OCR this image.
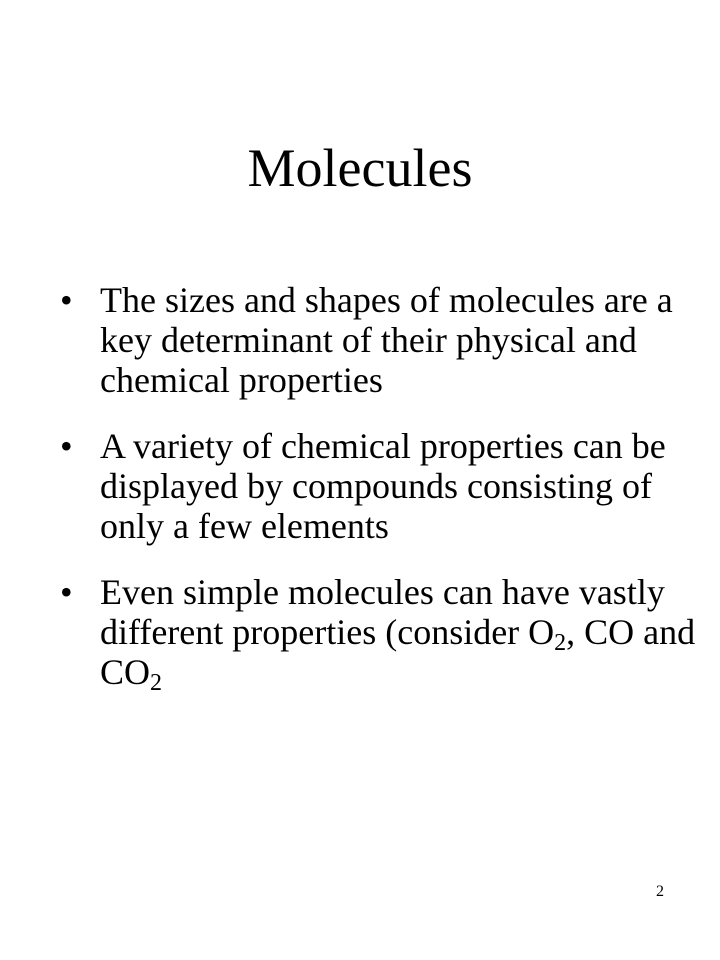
Molecules
• The sizes and shapes of molecules are a key determinant of their physical and chemical properties
• A variety of chemical properties can be displayed by compounds consisting of only a few elements
• Even simple molecules can have vastly different properties (consider $O_2$, CO and $CO_2$
2
